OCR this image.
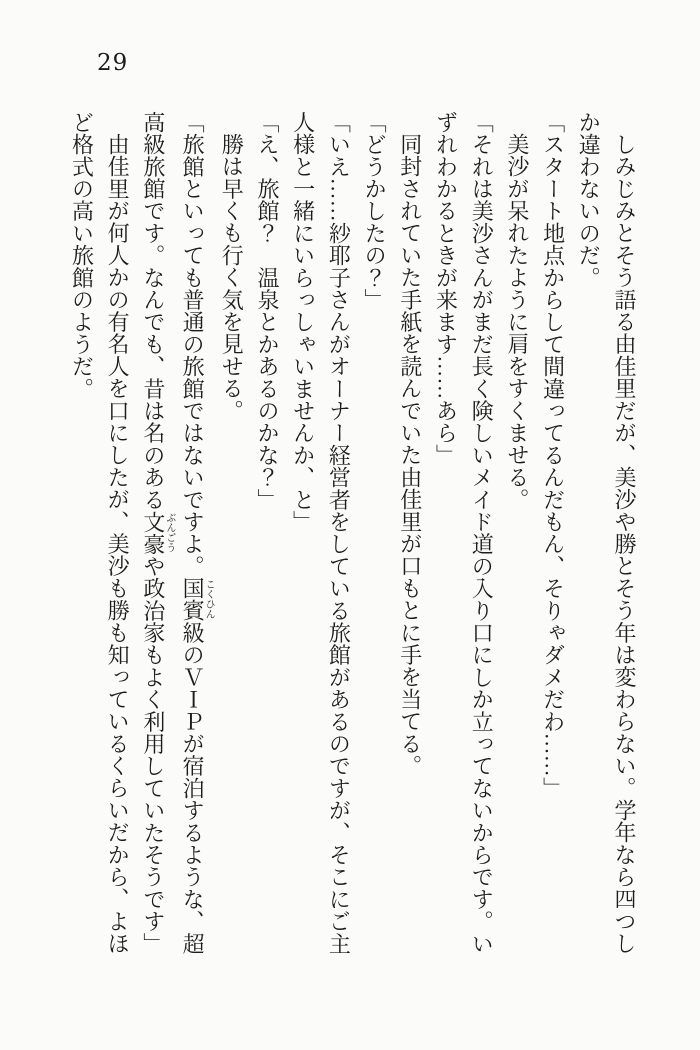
29

しみじみとそう語る由佳里だが、美沙や勝とそう年は変わらない。学年なら四つし

か違わないのだ。

「スタート地点からして間違ってるんだもん、そりゃダメだわ……」

美沙が呆れたように肩をすくませる。

「それは美沙さんがまだ長く険しいメイド道の入り口にしか立ってないからです。い

ずれわかるときが来ます……あら」

同封されていた手紙を読んでいた由佳里が口もとに手を当てる。

「どうかしたの？」

「いえ……紗耶子さんがオーナー経営者をしている旅館があるのですが、そこにご主

人様と一緒にいらっしゃいませんか、と」

「え、旅館？　温泉とかあるのかな？」

勝は早くも行く気を見せる。

「旅館といっても普通の旅館ではないですよ。国賓こくひん級のＶＩＰが宿泊するような、超

高級旅館です。なんでも、昔は名のある文豪ぶんごうや政治家もよく利用していたそうです」

由佳里が何人かの有名人を口にしたが、美沙も勝も知っているくらいだから、よほ

ど格式の高い旅館のようだ。
